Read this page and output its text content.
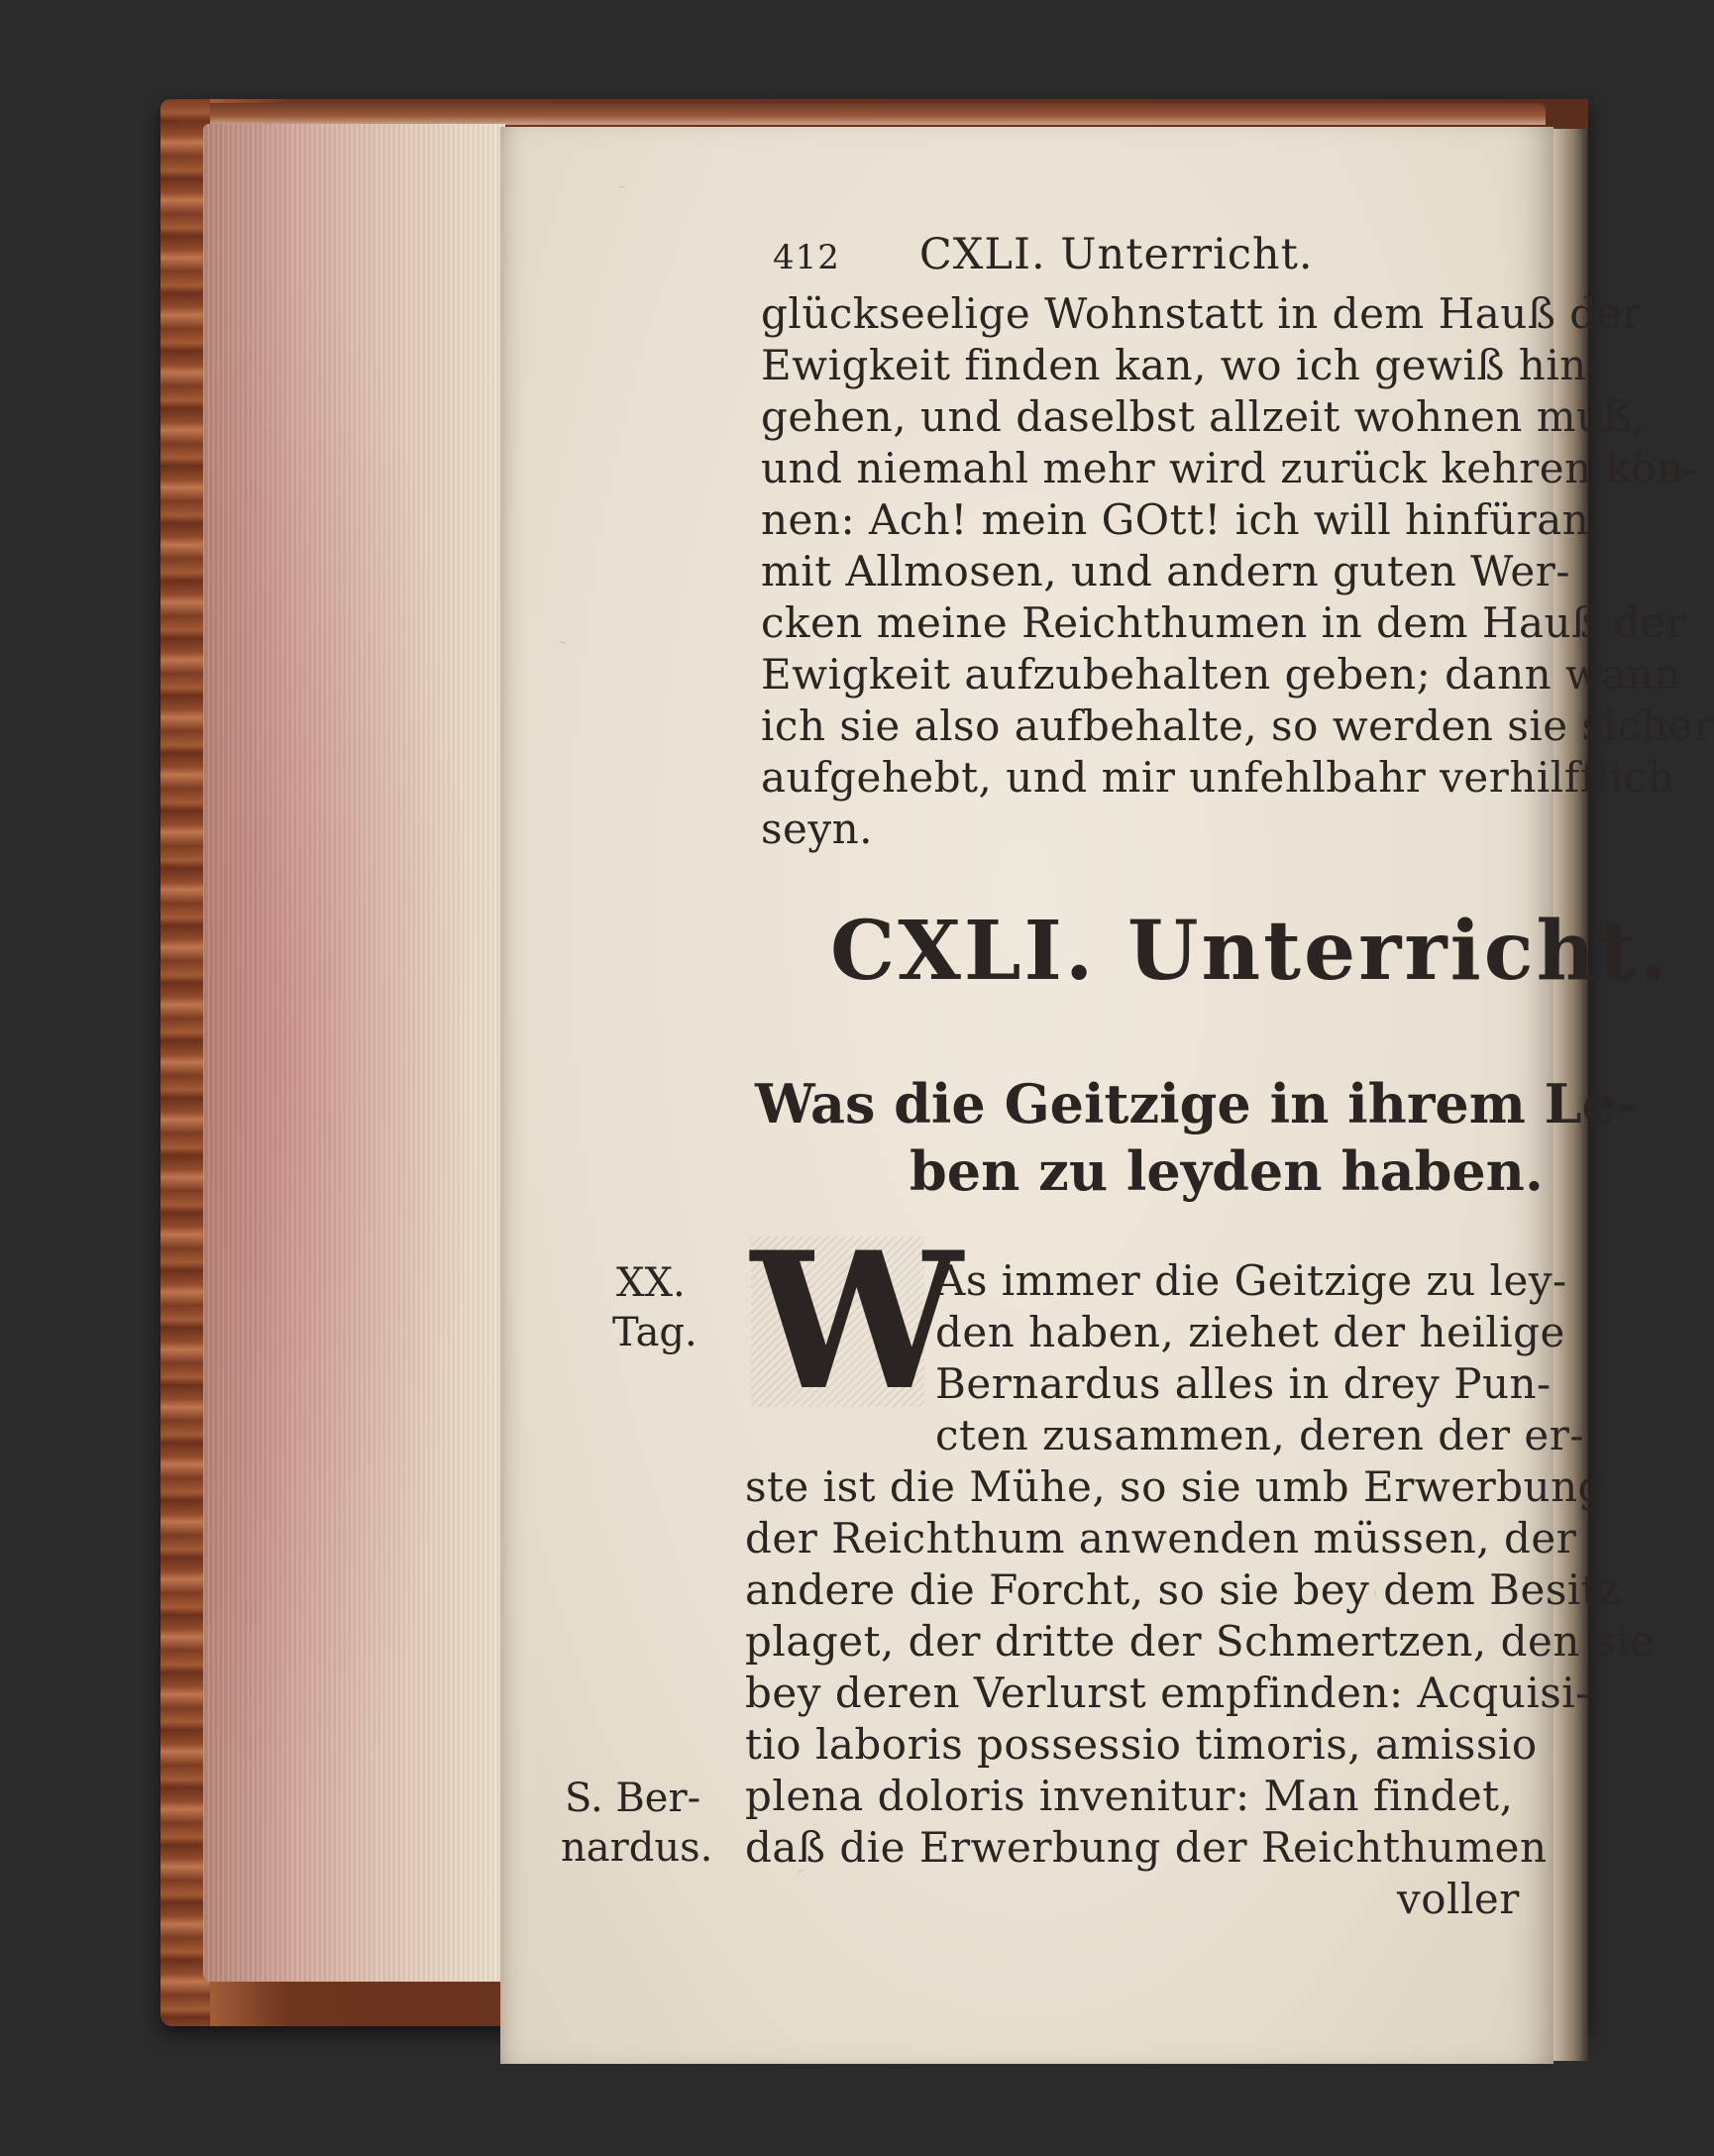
412 CXLI. Unterricht.
glückseelige Wohnstatt in dem Hauß der
Ewigkeit finden kan, wo ich gewiß hin-
gehen, und daselbst allzeit wohnen muß,
und niemahl mehr wird zurück kehren kön-
nen: Ach! mein GOtt! ich will hinfüran
mit Allmosen, und andern guten Wer-
cken meine Reichthumen in dem Hauß der
Ewigkeit aufzubehalten geben; dann wann
ich sie also aufbehalte, so werden sie sicher
aufgehebt, und mir unfehlbahr verhilfflich
seyn.
CXLI. Unterricht.
Was die Geitzige in ihrem Le-
ben zu leyden haben.
XX.
Tag.
S. Ber-
nardus.
W
As immer die Geitzige zu ley-
den haben, ziehet der heilige
Bernardus alles in drey Pun-
cten zusammen, deren der er-
ste ist die Mühe, so sie umb Erwerbung
der Reichthum anwenden müssen, der
andere die Forcht, so sie bey dem Besitz
plaget, der dritte der Schmertzen, den sie
bey deren Verlurst empfinden: Acquisi-
tio laboris possessio timoris, amissio
plena doloris invenitur: Man findet,
daß die Erwerbung der Reichthumen
voller
